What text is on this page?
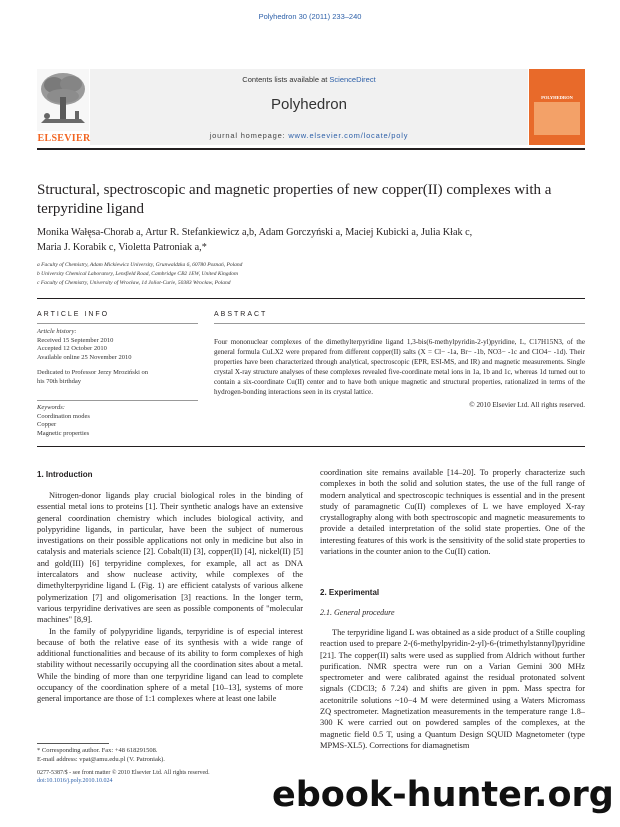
Polyhedron 30 (2011) 233–240
Contents lists available at ScienceDirect
Polyhedron
journal homepage: www.elsevier.com/locate/poly
ELSEVIER
POLYHEDRON
Structural, spectroscopic and magnetic properties of new copper(II) complexes with a terpyridine ligand
Monika Wałęsa-Chorab a, Artur R. Stefankiewicz a,b, Adam Gorczyński a, Maciej Kubicki a, Julia Kłak c,
Maria J. Korabik c, Violetta Patroniak a,*
a Faculty of Chemistry, Adam Mickiewicz University, Grunwaldzka 6, 60780 Poznań, Poland
b University Chemical Laboratory, Lensfield Road, Cambridge CB2 1EW, United Kingdom
c Faculty of Chemistry, University of Wrocław, 14 Joliot-Curie, 50383 Wrocław, Poland
ARTICLE INFO
Article history:
Received 15 September 2010
Accepted 12 October 2010
Available online 25 November 2010
Dedicated to Professor Jerzy Mroziński on his 70th birthday
Keywords:
Coordination modes
Copper
Magnetic properties
ABSTRACT
Four mononuclear complexes of the dimethylterpyridine ligand 1,3-bis(6-methylpyridin-2-yl)pyridine, L, C17H15N3, of the general formula CuLX2 were prepared from different copper(II) salts (X = Cl− -1a, Br− -1b, NO3− -1c and ClO4− -1d). Their properties have been characterized through analytical, spectroscopic (EPR, ESI-MS, and IR) and magnetic measurements. Single crystal X-ray structure analyses of these complexes revealed five-coordinate metal ions in 1a, 1b and 1c, whereas 1d turned out to contain a six-coordinate Cu(II) center and to have both unique magnetic and structural properties, rationalized in terms of the hydrogen-bonding interactions seen in its crystal lattice.
© 2010 Elsevier Ltd. All rights reserved.
1. Introduction

Nitrogen-donor ligands play crucial biological roles in the binding of essential metal ions to proteins [1]. Their synthetic analogs have an extensive general coordination chemistry which includes biological activity, and polypyridine ligands, in particular, have been the subject of numerous investigations on their possible applications not only in medicine but also in catalysis and materials science [2]. Cobalt(II) [3], copper(II) [4], nickel(II) [5] and gold(III) [6] terpyridine complexes, for example, all act as DNA intercalators and show nuclease activity, while complexes of the dimethylterpyridine ligand L (Fig. 1) are efficient catalysts of various alkene polymerization [7] and oligomerisation [3] reactions. In the longer term, various terpyridine derivatives are seen as possible components of "molecular machines" [8,9].

In the family of polypyridine ligands, terpyridine is of especial interest because of both the relative ease of its synthesis with a wide range of additional functionalities and because of its ability to form complexes of high stability without necessarily occupying all the coordination sites about a metal. While the binding of more than one terpyridine ligand can lead to complete occupancy of the coordination sphere of a metal [10–13], systems of more general importance are those of 1:1 complexes where at least one labile

coordination site remains available [14–20]. To properly characterize such complexes in both the solid and solution states, the use of the full range of modern analytical and spectroscopic techniques is essential and in the present study of paramagnetic Cu(II) complexes of L we have employed X-ray crystallography along with both spectroscopic and magnetic measurements to provide a detailed interpretation of the solid state properties. One of the interesting features of this work is the sensitivity of the solid state properties to variations in the counter anion to the Cu(II) cation.

2. Experimental
2.1. General procedure

The terpyridine ligand L was obtained as a side product of a Stille coupling reaction used to prepare 2-(6-methylpyridin-2-yl)-6-(trimethylstannyl)pyridine [21]. The copper(II) salts were used as supplied from Aldrich without further purification. NMR spectra were run on a Varian Gemini 300 MHz spectrometer and were calibrated against the residual protonated solvent signals (CDCl3; δ 7.24) and shifts are given in ppm. Mass spectra for acetonitrile solutions ~10−4 M were determined using a Waters Micromass ZQ spectrometer. Magnetization measurements in the temperature range 1.8–300 K were carried out on powdered samples of the complexes, at the magnetic field 0.5 T, using a Quantum Design SQUID Magnetometer (type MPMS-XL5). Corrections for diamagnetism

* Corresponding author. Fax: +48 618291508.
E-mail address: vpat@amu.edu.pl (V. Patroniak).
0277-5387/$ - see front matter © 2010 Elsevier Ltd. All rights reserved.
doi:10.1016/j.poly.2010.10.024	ebook-hunter.org
